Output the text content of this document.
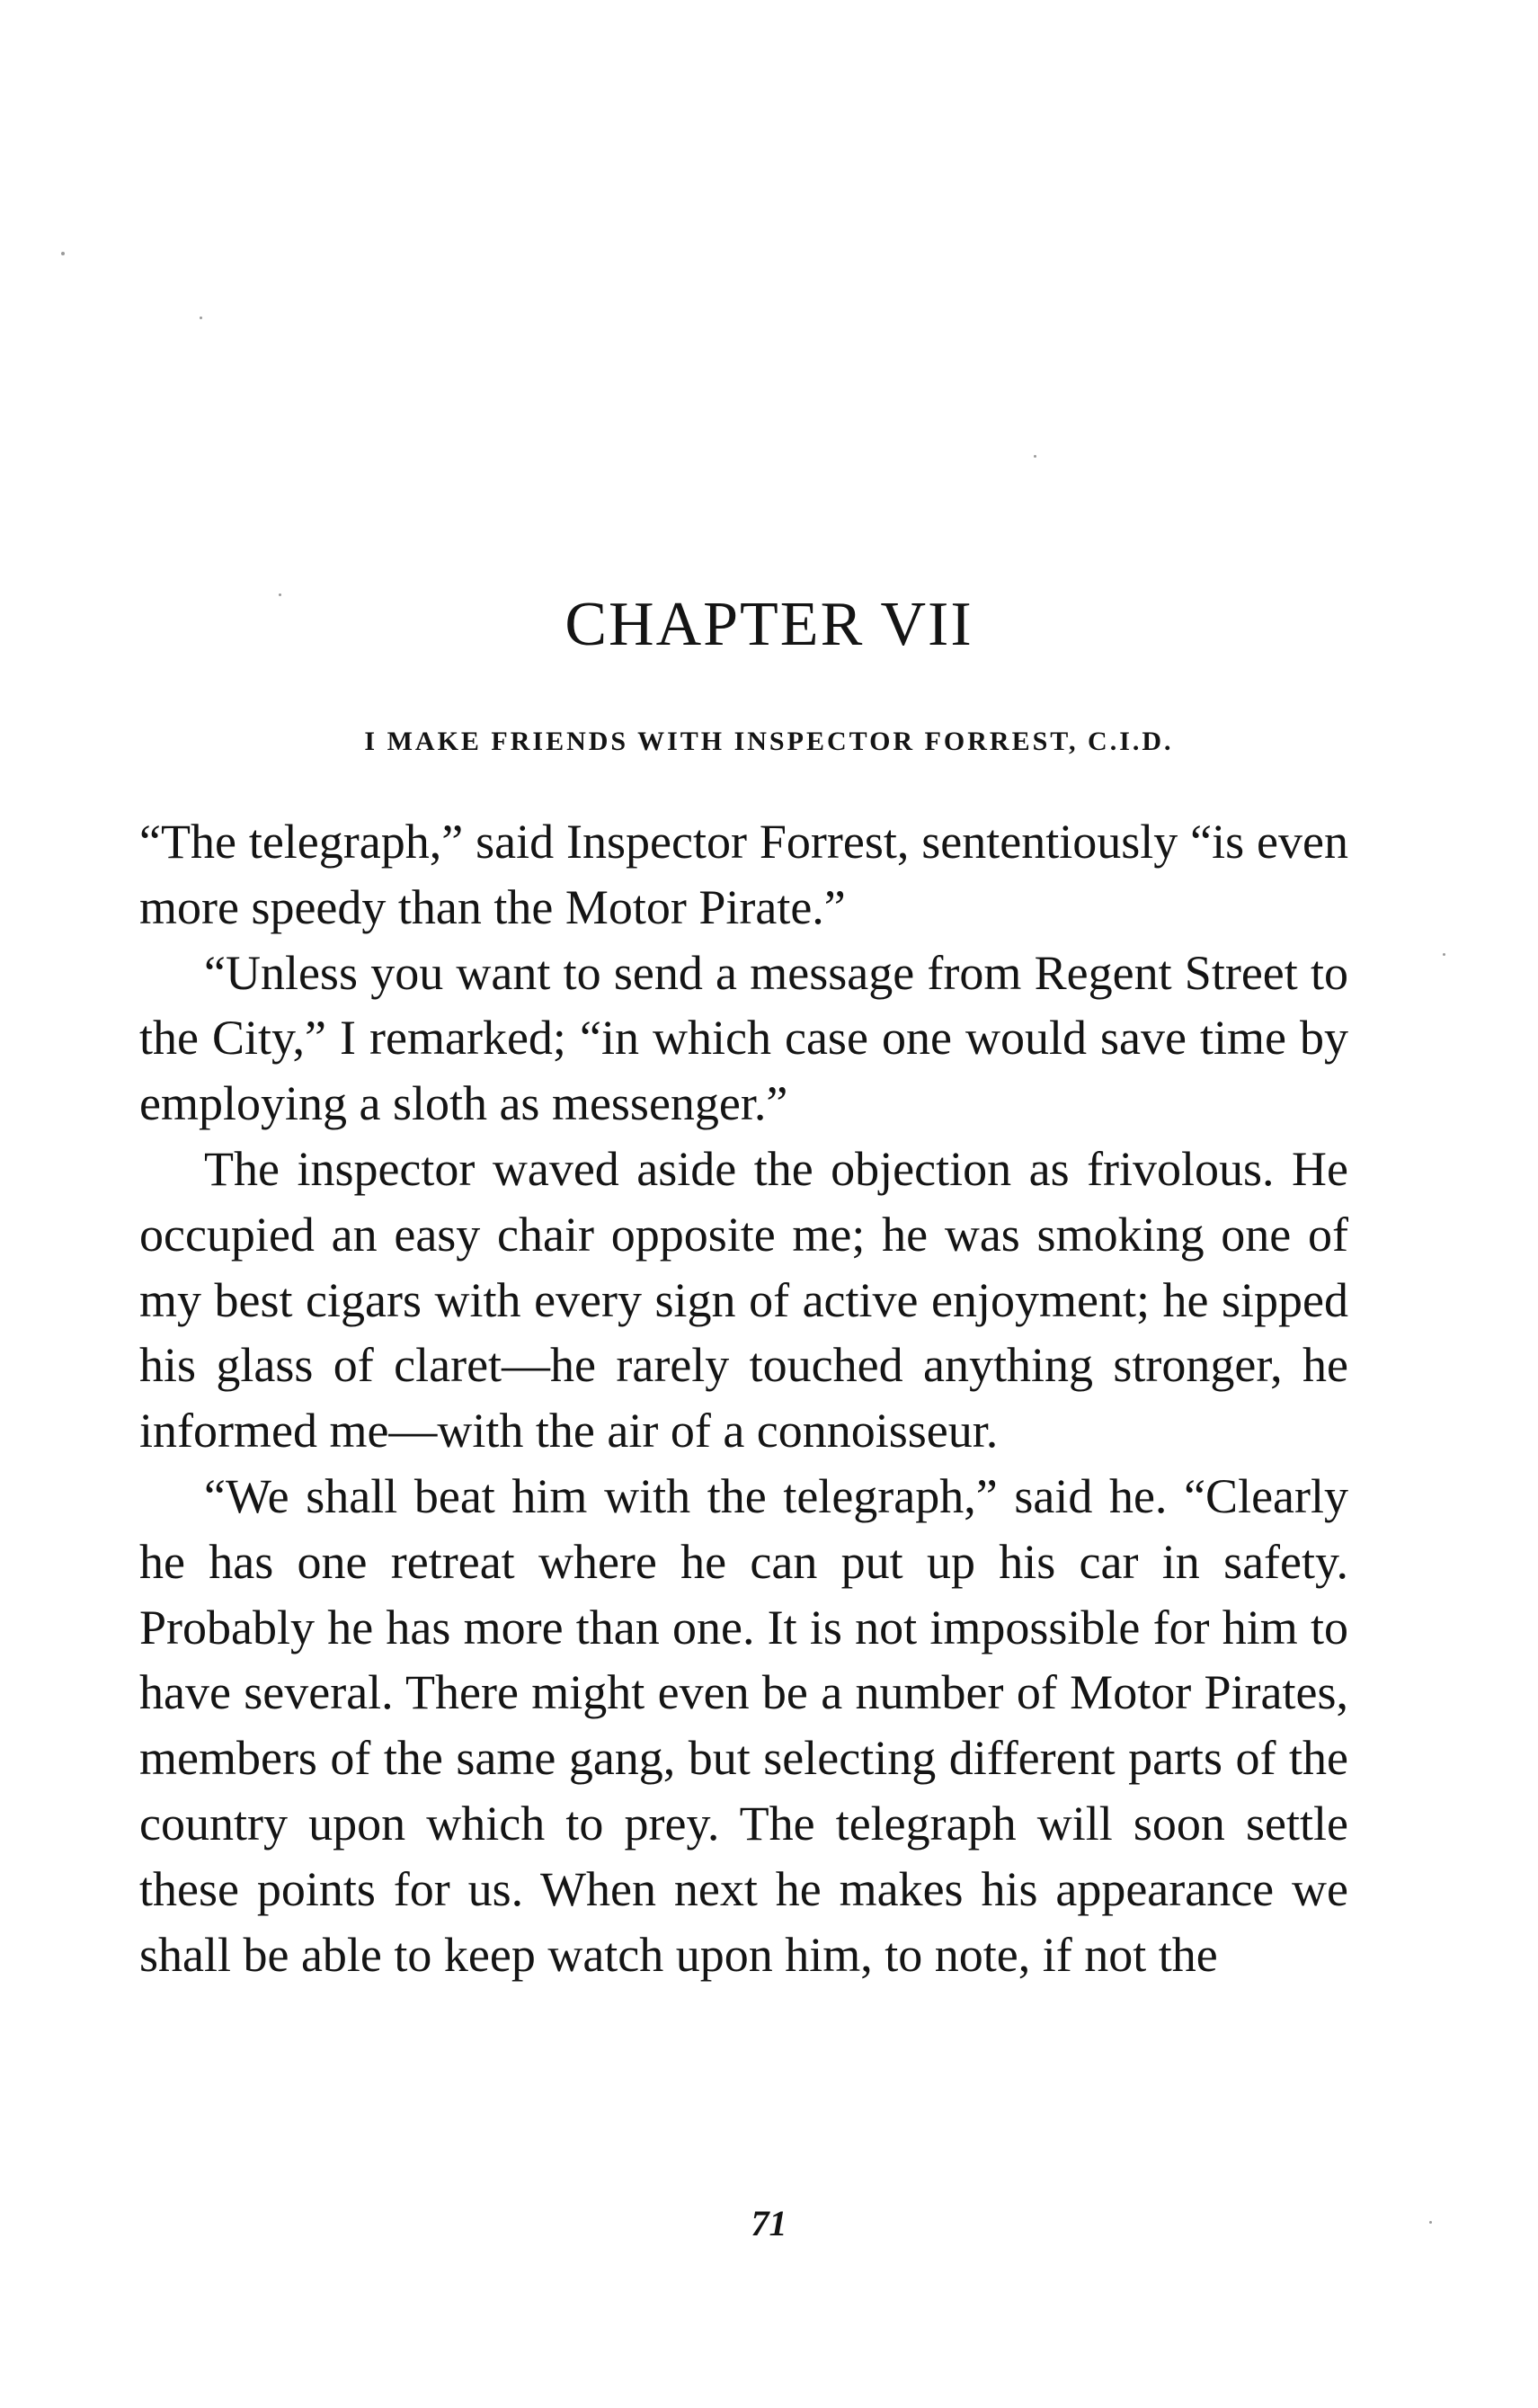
CHAPTER VII
I MAKE FRIENDS WITH INSPECTOR FORREST, C.I.D.

“The telegraph,” said Inspector Forrest, sententiously “is even more speedy than the Motor Pirate.”

“Unless you want to send a message from Regent Street to the City,” I remarked; “in which case one would save time by employing a sloth as messenger.”

The inspector waved aside the objection as frivolous. He occupied an easy chair opposite me; he was smoking one of my best cigars with every sign of active enjoyment; he sipped his glass of claret—he rarely touched anything stronger, he informed me—with the air of a connoisseur.

“We shall beat him with the telegraph,” said he. “Clearly he has one retreat where he can put up his car in safety. Probably he has more than one. It is not impossible for him to have several. There might even be a number of Motor Pirates, members of the same gang, but selecting different parts of the country upon which to prey. The telegraph will soon settle these points for us. When next he makes his appearance we shall be able to keep watch upon him, to note, if not the

71
